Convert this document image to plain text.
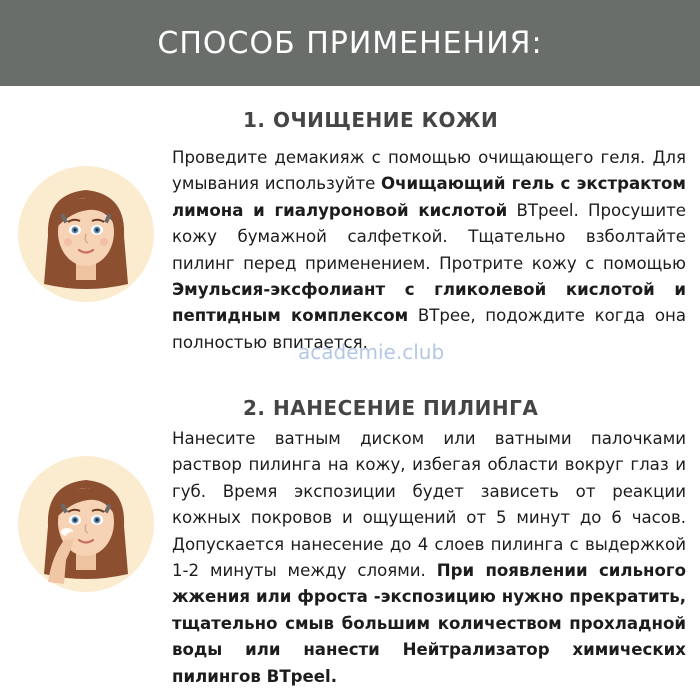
СПОСОБ ПРИМЕНЕНИЯ:
1. ОЧИЩЕНИЕ КОЖИ
Проведите демакияж с помощью очищающего геля. Для умывания используйте Очищающий гель с экстрактом лимона и гиалуроновой кислотой BTpeel. Просушите кожу бумажной салфеткой. Тщательно взболтайте пилинг перед применением. Протрите кожу с помощью Эмульсия-эксфолиант с гликолевой кислотой и пептидным комплексом BTpee, подождите когда она полностью впитается.
academie.club
2. НАНЕСЕНИЕ ПИЛИНГА
Нанесите ватным диском или ватными палочками раствор пилинга на кожу, избегая области вокруг глаз и губ. Время экспозиции будет зависеть от реакции кожных покровов и ощущений от 5 минут до 6 часов. Допускается нанесение до 4 слоев пилинга с выдержкой 1-2 минуты между слоями. При появлении сильного жжения или фроста -экспозицию нужно прекратить, тщательно смыв большим количеством прохладной воды или нанести Нейтрализатор химических пилингов BTpeel.
